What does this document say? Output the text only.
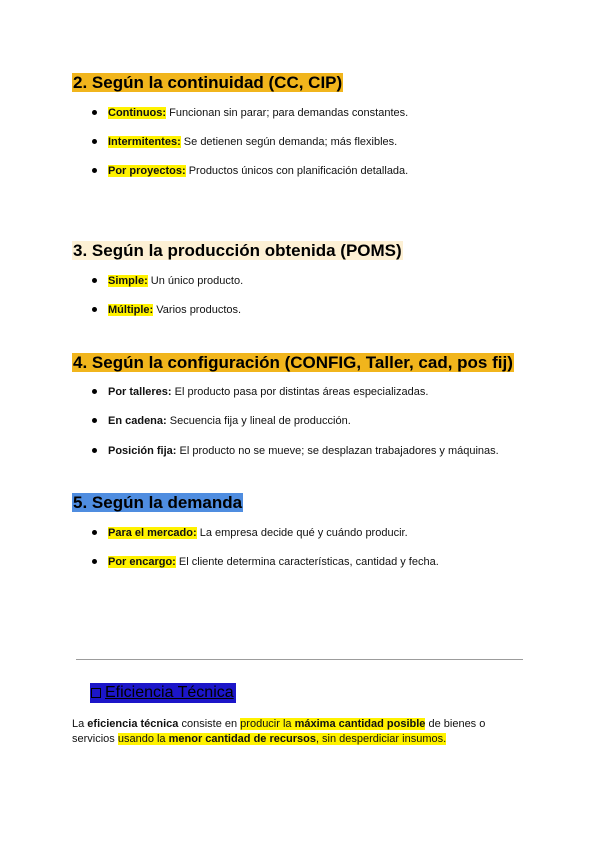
2. Según la continuidad (CC, CIP)
Continuos: Funcionan sin parar; para demandas constantes.
Intermitentes: Se detienen según demanda; más flexibles.
Por proyectos: Productos únicos con planificación detallada.
3. Según la producción obtenida (POMS)
Simple: Un único producto.
Múltiple: Varios productos.
4. Según la configuración (CONFIG, Taller, cad, pos fij)
Por talleres: El producto pasa por distintas áreas especializadas.
En cadena: Secuencia fija y lineal de producción.
Posición fija: El producto no se mueve; se desplazan trabajadores y máquinas.
5. Según la demanda
Para el mercado: La empresa decide qué y cuándo producir.
Por encargo: El cliente determina características, cantidad y fecha.
Eficiencia Técnica

La eficiencia técnica consiste en producir la máxima cantidad posible de bienes o servicios usando la menor cantidad de recursos, sin desperdiciar insumos.
